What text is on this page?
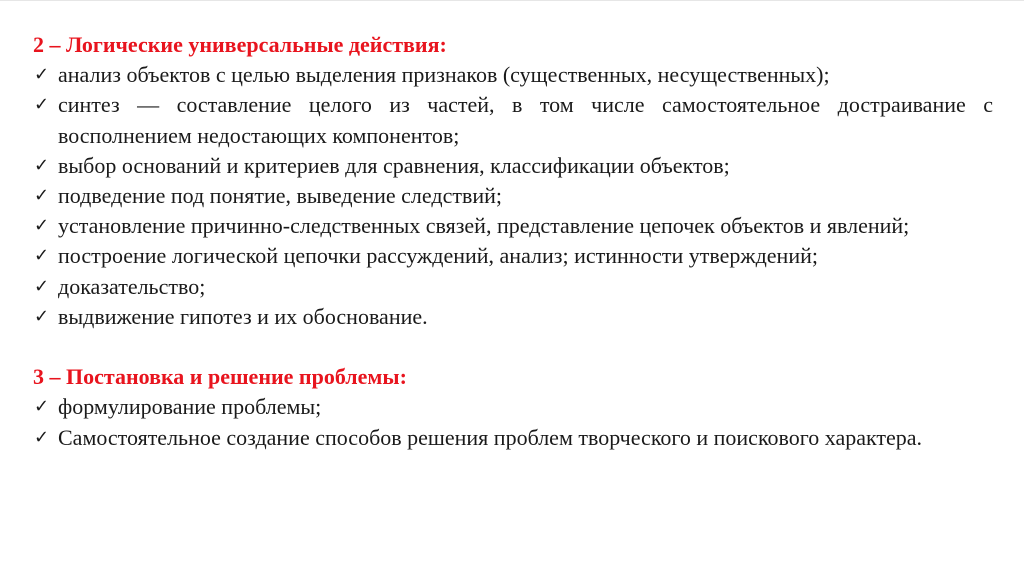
2 – Логические универсальные действия:
✓ анализ объектов с целью выделения признаков (существенных, несущественных);
✓ синтез — составление целого из частей, в том числе самостоятельное достраивание с восполнением недостающих компонентов;
✓ выбор оснований и критериев для сравнения, классификации объектов;
✓ подведение под понятие, выведение следствий;
✓ установление причинно-следственных связей, представление цепочек объектов и явлений;
✓ построение логической цепочки рассуждений, анализ; истинности утверждений;
✓ доказательство;
✓ выдвижение гипотез и их обоснование.
3 – Постановка и решение проблемы:
✓ формулирование проблемы;
✓ Самостоятельное создание способов решения проблем творческого и поискового характера.
